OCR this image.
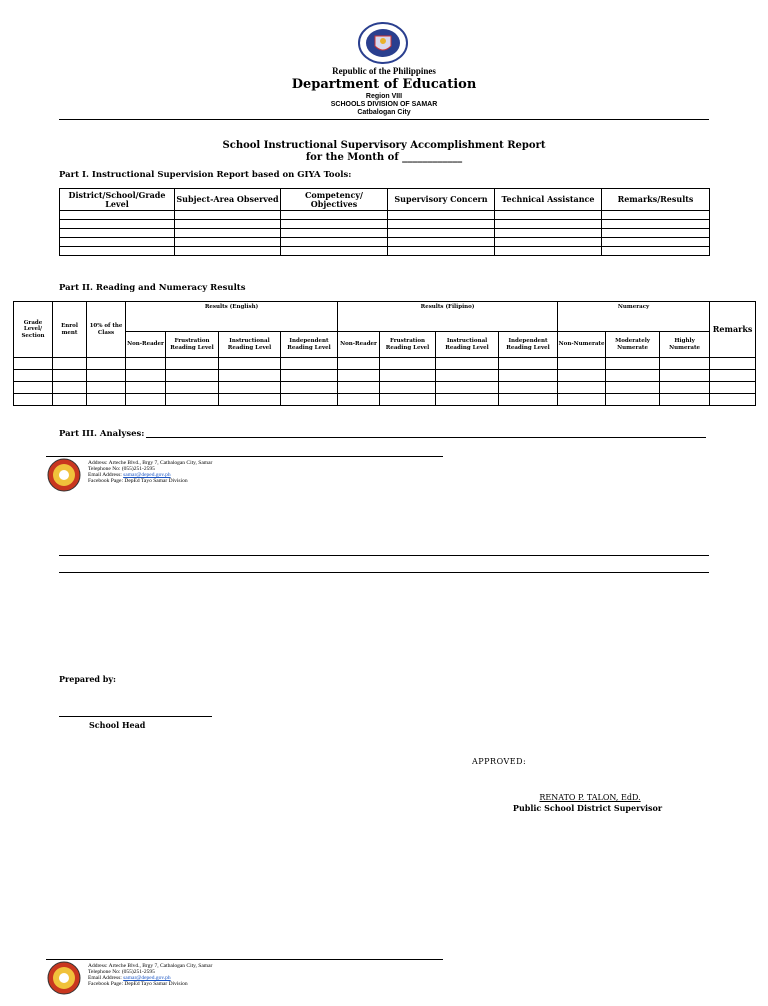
Republic of the Philippines
Department of Education
Region VIII
SCHOOLS DIVISION OF SAMAR
Catbalogan City
School Instructional Supervisory Accomplishment Report
for the Month of ____________
Part I. Instructional Supervision Report based on GIYA Tools:
District/School/Grade Level	Subject-Area Observed	Competency/ Objectives	Supervisory Concern	Technical Assistance	Remarks/Results

Part II. Reading and Numeracy Results
Grade Level/ Section	Enrol ment	10% of the Class	Results (English)				Results (Filipino)				Numeracy			Remarks
			Non-Reader	Frustration Reading Level	Instructional Reading Level	Independent Reading Level	Non-Reader	Frustration Reading Level	Instructional Reading Level	Independent Reading Level	Non-Numerate	Moderately Numerate	Highly Numerate	

Part III. Analyses:
Address: Arteche Blvd., Brgy 7, Catbalogan City, Samar
Telephone No: (055)251-2595
Email Address: samar@deped.gov.ph
Facebook Page: DepEd Tayo Samar Division
Prepared by:
School Head
APPROVED:
RENATO P. TALON, EdD.
Public School District Supervisor
Address: Arteche Blvd., Brgy 7, Catbalogan City, Samar
Telephone No: (055)251-2595
Email Address: samar@deped.gov.ph
Facebook Page: DepEd Tayo Samar Division
